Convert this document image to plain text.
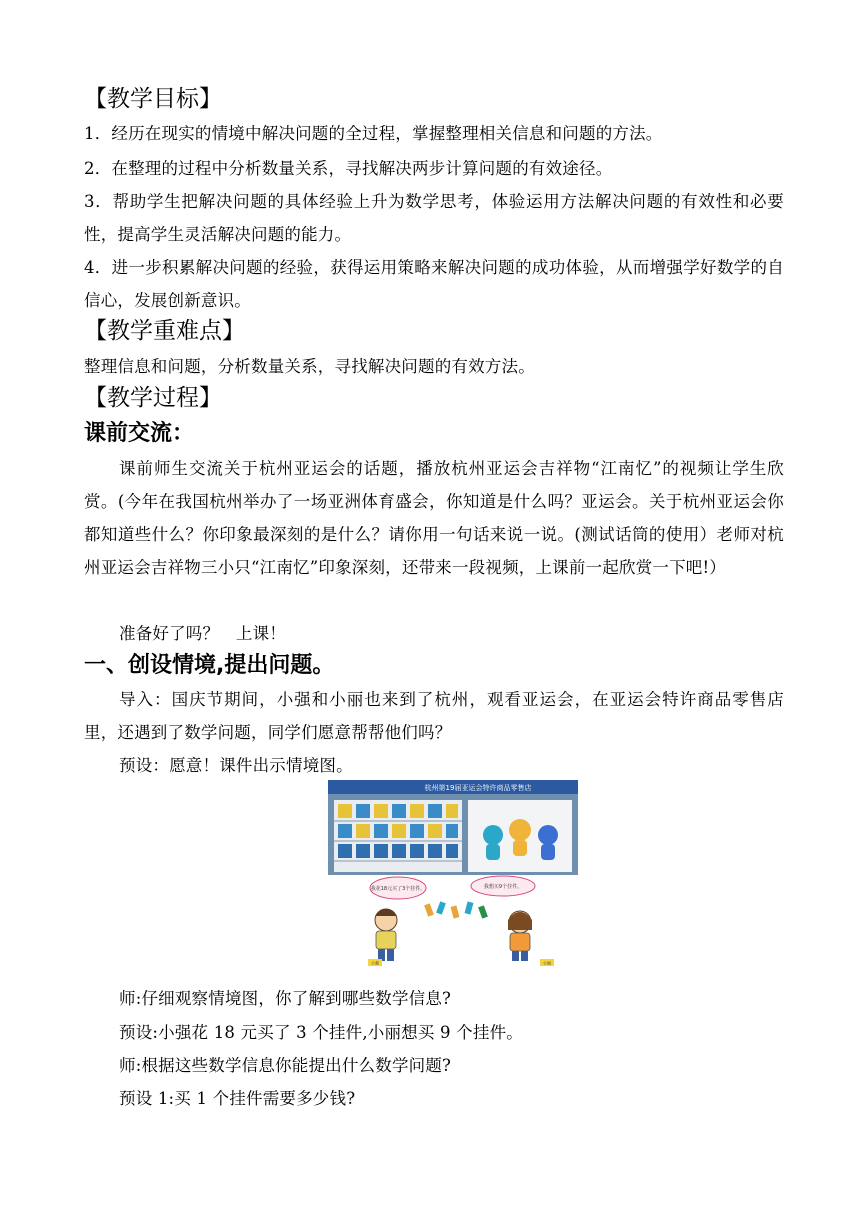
【教学目标】
1．经历在现实的情境中解决问题的全过程，掌握整理相关信息和问题的方法。
2．在整理的过程中分析数量关系，寻找解决两步计算问题的有效途径。
3．帮助学生把解决问题的具体经验上升为数学思考，体验运用方法解决问题的有效性和必要性，提高学生灵活解决问题的能力。
4．进一步积累解决问题的经验，获得运用策略来解决问题的成功体验，从而增强学好数学的自信心，发展创新意识。
【教学重难点】
整理信息和问题，分析数量关系，寻找解决问题的有效方法。
【教学过程】
课前交流：
课前师生交流关于杭州亚运会的话题，播放杭州亚运会吉祥物“江南忆”的视频让学生欣赏。(今年在我国杭州举办了一场亚洲体育盛会，你知道是什么吗？亚运会。关于杭州亚运会你都知道些什么？你印象最深刻的是什么？请你用一句话来说一说。(测试话筒的使用）老师对杭州亚运会吉祥物三小只“江南忆”印象深刻，还带来一段视频，上课前一起欣赏一下吧!）
准备好了吗？　上课！
一、创设情境,提出问题。
导入：国庆节期间，小强和小丽也来到了杭州，观看亚运会，在亚运会特许商品零售店里，还遇到了数学问题，同学们愿意帮帮他们吗？
预设：愿意！课件出示情境图。
杭州第19届亚运会特许商品零售店
我花18元买了3个挂件。	我想买9个挂件。
小强	小丽
师:仔细观察情境图，你了解到哪些数学信息?
预设:小强花 18 元买了 3 个挂件,小丽想买 9 个挂件。
师:根据这些数学信息你能提出什么数学问题?
预设 1:买 1 个挂件需要多少钱?
